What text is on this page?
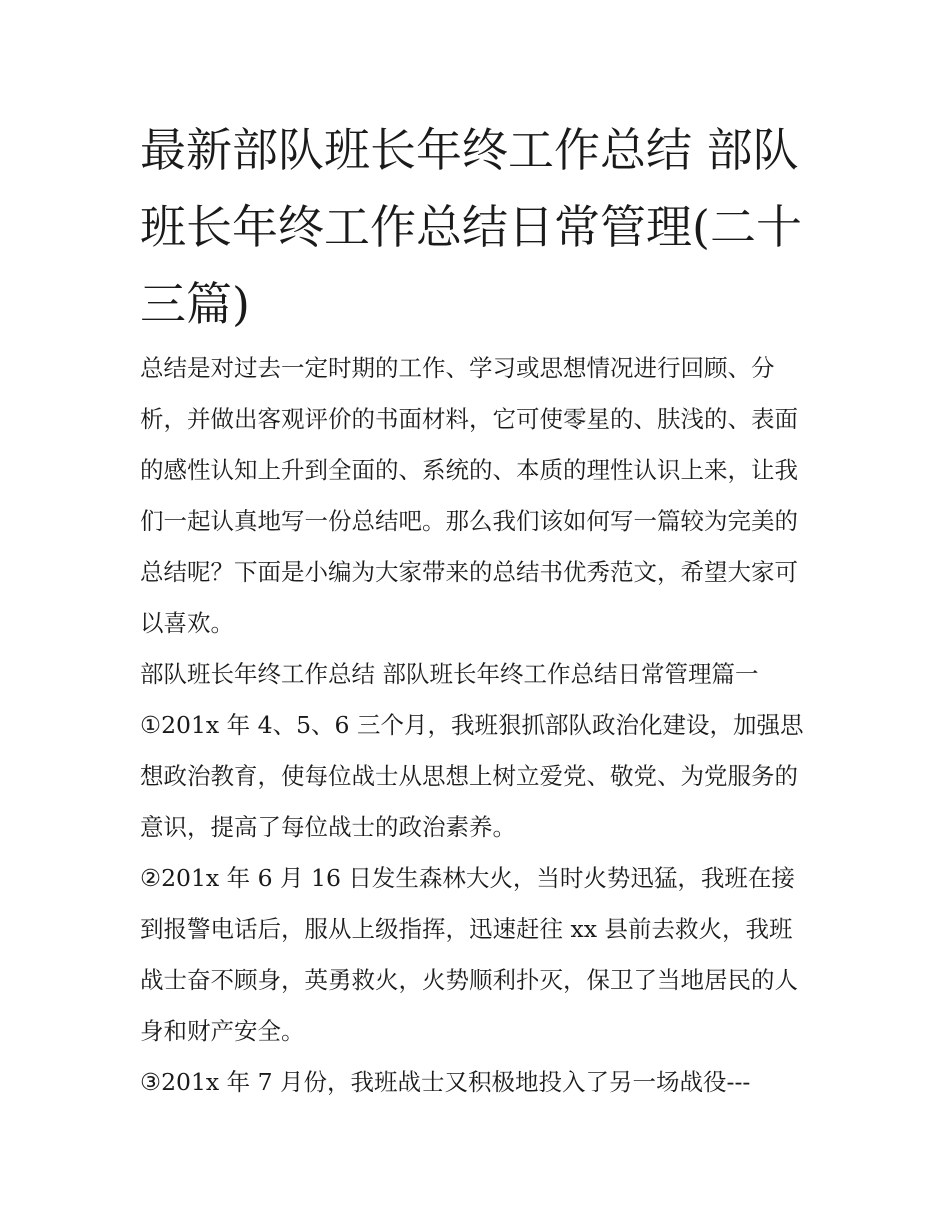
最新部队班长年终工作总结 部队班长年终工作总结日常管理(二十三篇)

总结是对过去一定时期的工作、学习或思想情况进行回顾、分析，并做出客观评价的书面材料，它可使零星的、肤浅的、表面的感性认知上升到全面的、系统的、本质的理性认识上来，让我们一起认真地写一份总结吧。那么我们该如何写一篇较为完美的总结呢？下面是小编为大家带来的总结书优秀范文，希望大家可以喜欢。

部队班长年终工作总结 部队班长年终工作总结日常管理篇一

①201x 年 4、5、6 三个月，我班狠抓部队政治化建设，加强思想政治教育，使每位战士从思想上树立爱党、敬党、为党服务的意识，提高了每位战士的政治素养。

②201x 年 6 月 16 日发生森林大火，当时火势迅猛，我班在接到报警电话后，服从上级指挥，迅速赶往 xx 县前去救火，我班战士奋不顾身，英勇救火，火势顺利扑灭，保卫了当地居民的人身和财产安全。

③201x 年 7 月份，我班战士又积极地投入了另一场战役---
